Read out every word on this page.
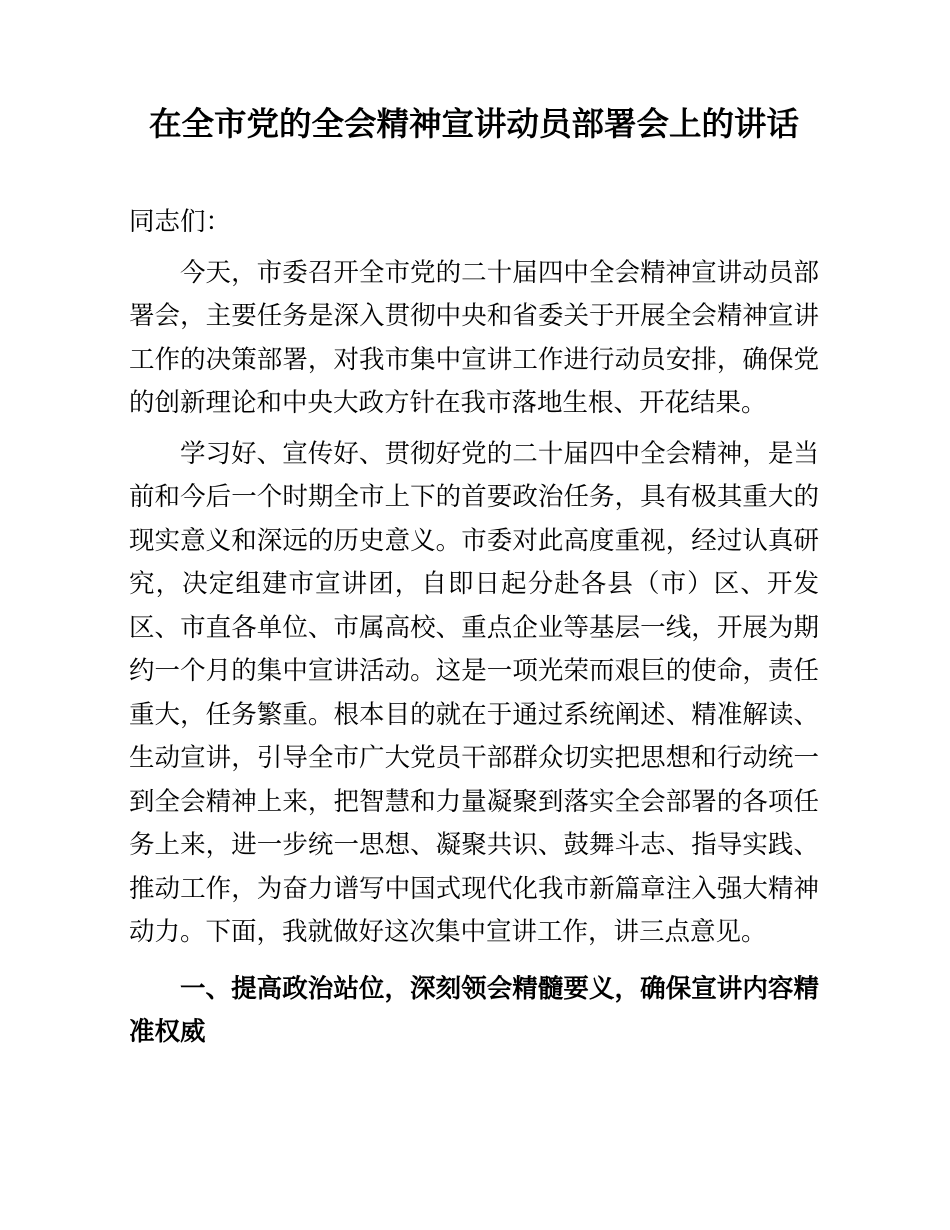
在全市党的全会精神宣讲动员部署会上的讲话

同志们：

今天，市委召开全市党的二十届四中全会精神宣讲动员部署会，主要任务是深入贯彻中央和省委关于开展全会精神宣讲工作的决策部署，对我市集中宣讲工作进行动员安排，确保党的创新理论和中央大政方针在我市落地生根、开花结果。

学习好、宣传好、贯彻好党的二十届四中全会精神，是当前和今后一个时期全市上下的首要政治任务，具有极其重大的现实意义和深远的历史意义。市委对此高度重视，经过认真研究，决定组建市宣讲团，自即日起分赴各县（市）区、开发区、市直各单位、市属高校、重点企业等基层一线，开展为期约一个月的集中宣讲活动。这是一项光荣而艰巨的使命，责任重大，任务繁重。根本目的就在于通过系统阐述、精准解读、生动宣讲，引导全市广大党员干部群众切实把思想和行动统一到全会精神上来，把智慧和力量凝聚到落实全会部署的各项任务上来，进一步统一思想、凝聚共识、鼓舞斗志、指导实践、推动工作，为奋力谱写中国式现代化我市新篇章注入强大精神动力。下面，我就做好这次集中宣讲工作，讲三点意见。

一、提高政治站位，深刻领会精髓要义，确保宣讲内容精准权威
